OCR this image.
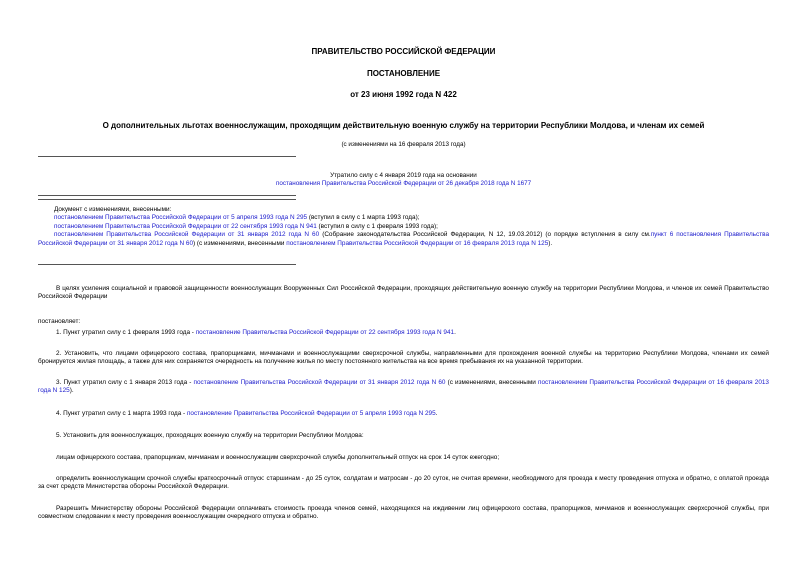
ПРАВИТЕЛЬСТВО РОССИЙСКОЙ ФЕДЕРАЦИИ
ПОСТАНОВЛЕНИЕ
от 23 июня 1992 года N 422
О дополнительных льготах военнослужащим, проходящим действительную военную службу на территории Республики Молдова, и членам их семей
(с изменениями на 16 февраля 2013 года)
Утратило силу с 4 января 2019 года на основании
постановления Правительства Российской Федерации от 26 декабря 2018 года N 1677
Документ с изменениями, внесенными:
постановлением Правительства Российской Федерации от 5 апреля 1993 года N 295 (вступил в силу с 1 марта 1993 года);
постановлением Правительства Российской Федерации от 22 сентября 1993 года N 941 (вступил в силу с 1 февраля 1993 года);
постановлением Правительства Российской Федерации от 31 января 2012 года N 60 (Собрание законодательства Российской Федерации, N 12, 19.03.2012) (о порядке вступления в силу см.пункт 6 постановления Правительства Российской Федерации от 31 января 2012 года N 60) (с изменениями, внесенными постановлением Правительства Российской Федерации от 16 февраля 2013 года N 125).
В целях усиления социальной и правовой защищенности военнослужащих Вооруженных Сил Российской Федерации, проходящих действительную военную службу на территории Республики Молдова, и членов их семей Правительство Российской Федерации
постановляет:
1. Пункт утратил силу с 1 февраля 1993 года - постановление Правительства Российской Федерации от 22 сентября 1993 года N 941.
2. Установить, что лицами офицерского состава, прапорщиками, мичманами и военнослужащими сверхсрочной службы, направленными для прохождения военной службы на территорию Республики Молдова, членами их семей бронируется жилая площадь, а также для них сохраняется очередность на получение жилья по месту постоянного жительства на все время пребывания их на указанной территории.
3. Пункт утратил силу с 1 января 2013 года - постановление Правительства Российской Федерации от 31 января 2012 года N 60 (с изменениями, внесенными постановлением Правительства Российской Федерации от 16 февраля 2013 года N 125).
4. Пункт утратил силу с 1 марта 1993 года - постановление Правительства Российской Федерации от 5 апреля 1993 года N 295.
5. Установить для военнослужащих, проходящих военную службу на территории Республики Молдова:
лицам офицерского состава, прапорщикам, мичманам и военнослужащим сверхсрочной службы дополнительный отпуск на срок 14 суток ежегодно;
определить военнослужащим срочной службы краткосрочный отпуск: старшинам - до 25 суток, солдатам и матросам - до 20 суток, не считая времени, необходимого для проезда к месту проведения отпуска и обратно, с оплатой проезда за счет средств Министерства обороны Российской Федерации.
Разрешить Министерству обороны Российской Федерации оплачивать стоимость проезда членов семей, находящихся на иждивении лиц офицерского состава, прапорщиков, мичманов и военнослужащих сверхсрочной службы, при совместном следовании к месту проведения военнослужащим очередного отпуска и обратно.
